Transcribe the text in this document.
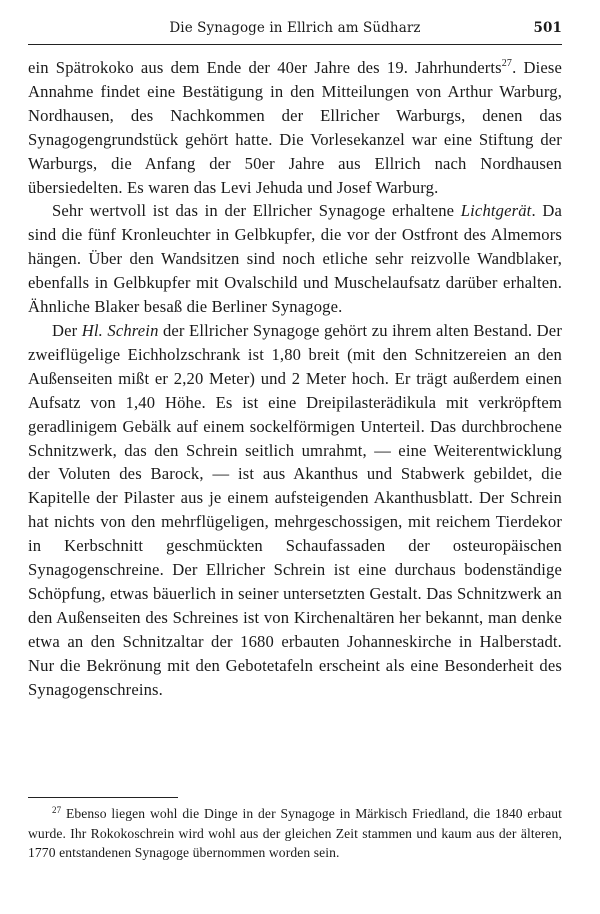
Die Synagoge in Ellrich am Südharz	501

ein Spätrokoko aus dem Ende der 40er Jahre des 19. Jahrhunderts$^{27}$. Diese Annahme findet eine Bestätigung in den Mitteilungen von Arthur Warburg, Nordhausen, des Nachkommen der Ellricher Warburgs, denen das Synagogengrundstück gehört hatte. Die Vorlesekanzel war eine Stiftung der Warburgs, die Anfang der 50er Jahre aus Ellrich nach Nordhausen übersiedelten. Es waren das Levi Jehuda und Josef Warburg.

Sehr wertvoll ist das in der Ellricher Synagoge erhaltene Lichtgerät. Da sind die fünf Kronleuchter in Gelbkupfer, die vor der Ostfront des Almemors hängen. Über den Wandsitzen sind noch etliche sehr reizvolle Wandblaker, ebenfalls in Gelbkupfer mit Ovalschild und Muschelaufsatz darüber erhalten. Ähnliche Blaker besaß die Berliner Synagoge.

Der Hl. Schrein der Ellricher Synagoge gehört zu ihrem alten Bestand. Der zweiflügelige Eichholzschrank ist 1,80 breit (mit den Schnitzereien an den Außenseiten mißt er 2,20 Meter) und 2 Meter hoch. Er trägt außerdem einen Aufsatz von 1,40 Höhe. Es ist eine Dreipilasterädikula mit verkröpftem geradlinigem Gebälk auf einem sockelförmigen Unterteil. Das durchbrochene Schnitzwerk, das den Schrein seitlich umrahmt, — eine Weiterentwicklung der Voluten des Barock, — ist aus Akanthus und Stabwerk gebildet, die Kapitelle der Pilaster aus je einem aufsteigenden Akanthusblatt. Der Schrein hat nichts von den mehrflügeligen, mehrgeschossigen, mit reichem Tierdekor in Kerbschnitt geschmückten Schaufassaden der osteuropäischen Synagogenschreine. Der Ellricher Schrein ist eine durchaus bodenständige Schöpfung, etwas bäuerlich in seiner untersetzten Gestalt. Das Schnitzwerk an den Außenseiten des Schreines ist von Kirchenaltären her bekannt, man denke etwa an den Schnitzaltar der 1680 erbauten Johanneskirche in Halberstadt. Nur die Bekrönung mit den Gebotetafeln erscheint als eine Besonderheit des Synagogenschreins.

$^{27}$ Ebenso liegen wohl die Dinge in der Synagoge in Märkisch Friedland, die 1840 erbaut wurde. Ihr Rokokoschrein wird wohl aus der gleichen Zeit stammen und kaum aus der älteren, 1770 entstandenen Synagoge übernommen worden sein.
